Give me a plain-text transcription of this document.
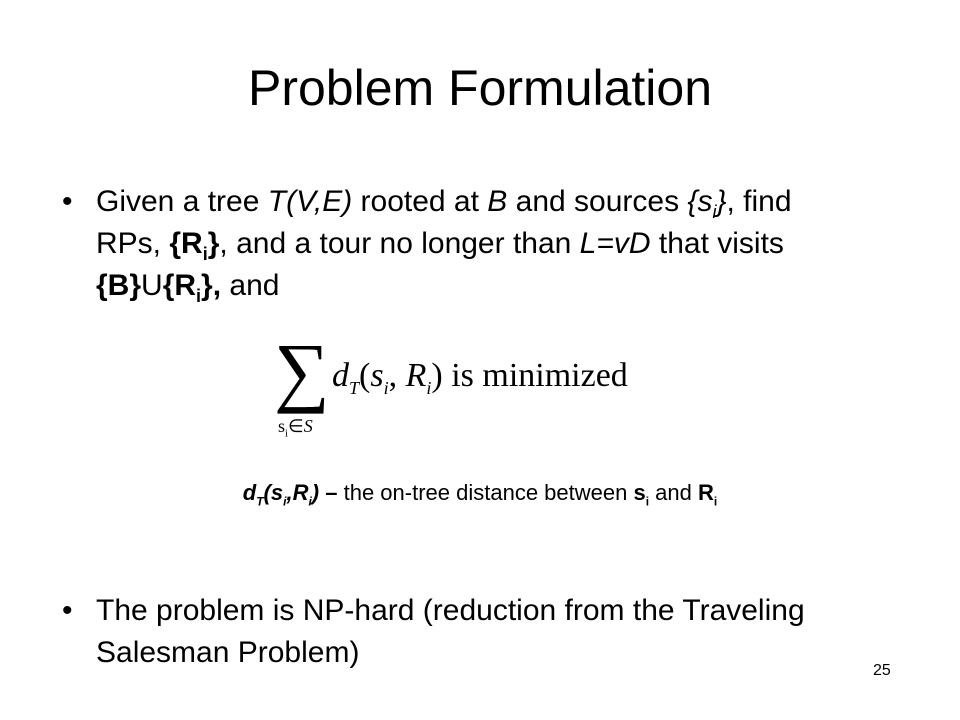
Problem Formulation
• Given a tree T(V,E) rooted at B and sources $\{s_i\}$, find RPs, $\{R_i\}$, and a tour no longer than L=vD that visits $\{B\}U\{R_i\}$, and
∑
$s_i\in S$
$d_T(s_i$, $R_i$) is minimized
$d_T(s_i,R_i)$ – the on-tree distance between $s_i$ and $R_i$
• The problem is NP-hard (reduction from the Traveling Salesman Problem)
25
